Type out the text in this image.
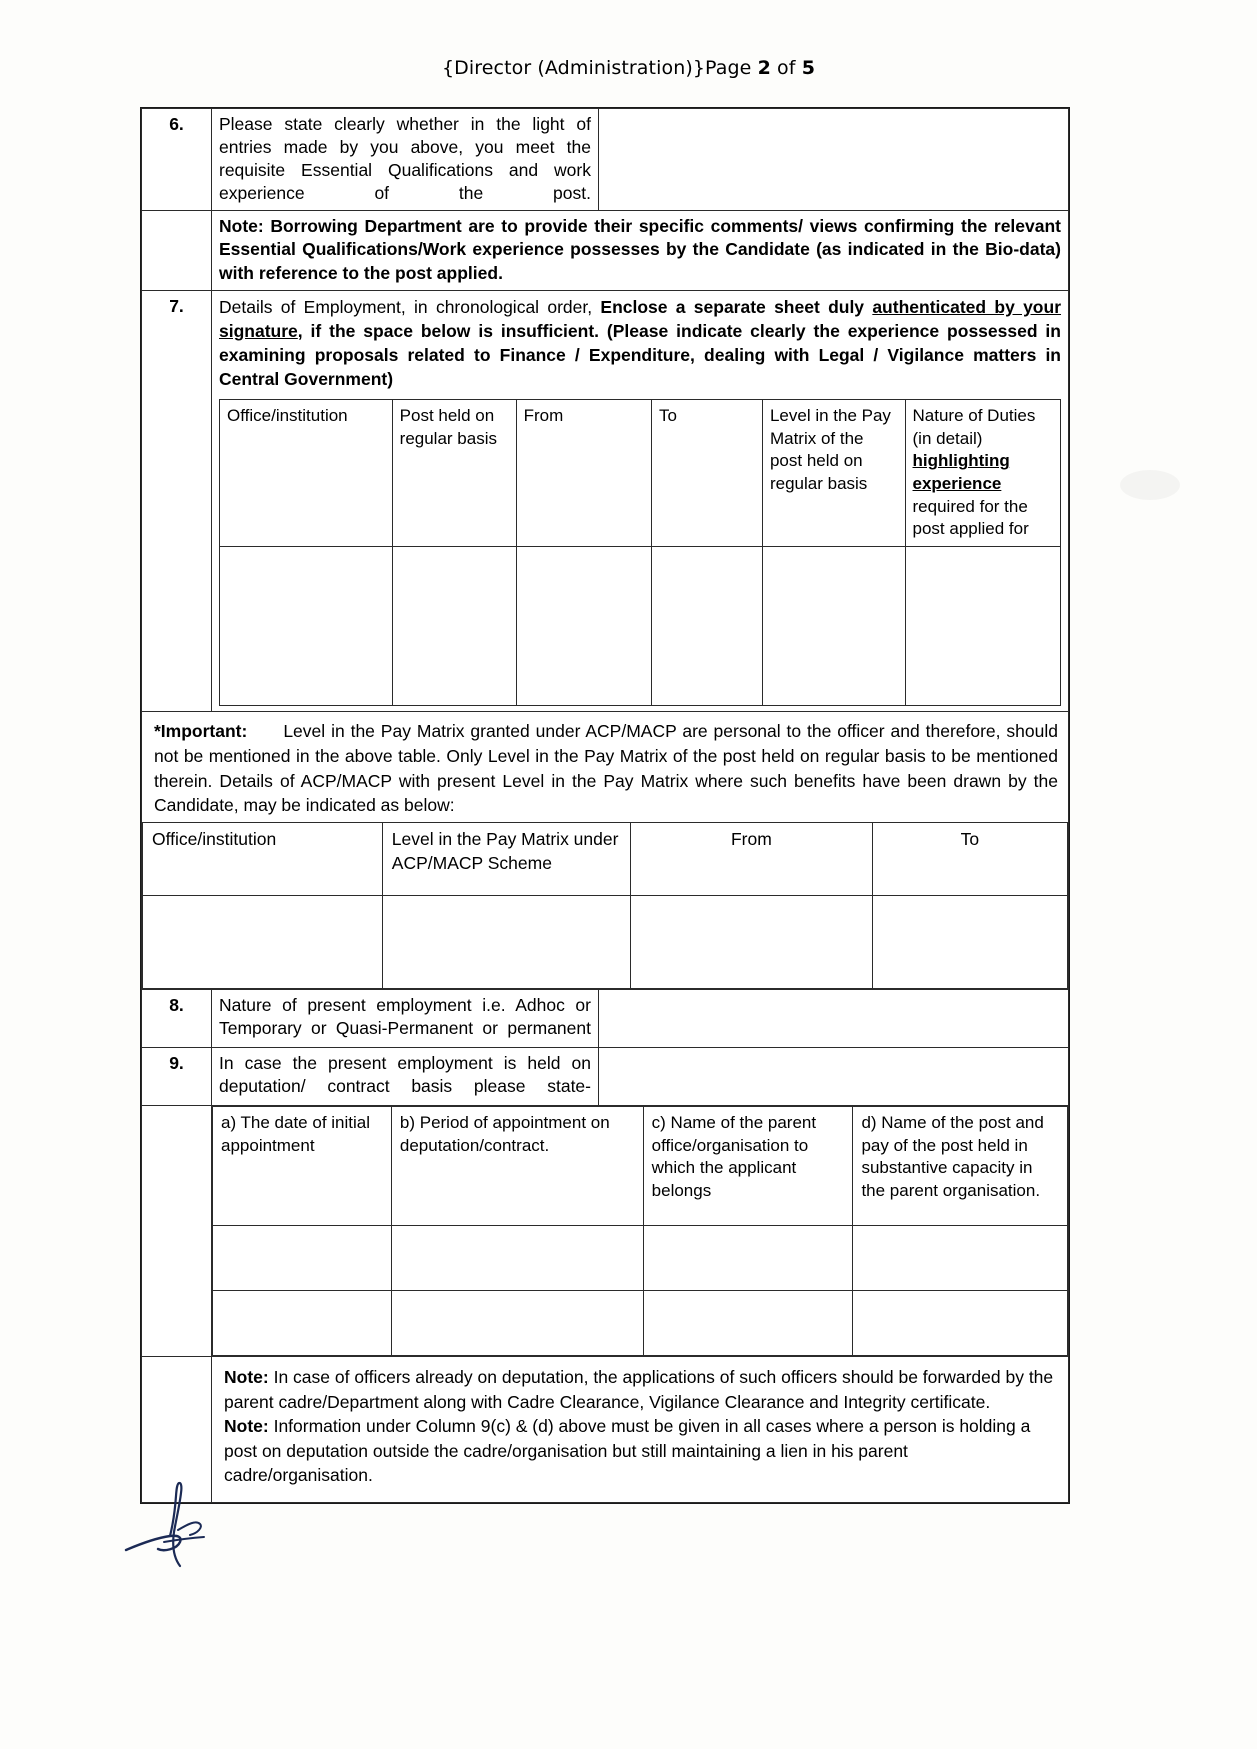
{Director (Administration)}Page 2 of 5
6.	Please state clearly whether in the light of entries made by you above, you meet the requisite Essential Qualifications and work experience of the post.	
	Note: Borrowing Department are to provide their specific comments/ views confirming the relevant Essential Qualifications/Work experience possesses by the Candidate (as indicated in the Bio-data) with reference to the post applied.
7.	Details of Employment, in chronological order, Enclose a separate sheet duly authenticated by your signature, if the space below is insufficient. (Please indicate clearly the experience possessed in examining proposals related to Finance / Expenditure, dealing with Legal / Vigilance matters in Central Government)
Office/institution	Post held on regular basis	From	To	Level in the Pay Matrix of the post held on regular basis	Nature of Duties (in detail) highlighting experience required for the post applied for

*Important: Level in the Pay Matrix granted under ACP/MACP are personal to the officer and therefore, should not be mentioned in the above table. Only Level in the Pay Matrix of the post held on regular basis to be mentioned therein. Details of ACP/MACP with present Level in the Pay Matrix where such benefits have been drawn by the Candidate, may be indicated as below:
Office/institution	Level in the Pay Matrix under ACP/MACP Scheme	From	To

8.	Nature of present employment i.e. Adhoc or Temporary or Quasi-Permanent or permanent	
9.	In case the present employment is held on deputation/ contract basis please state-	

a) The date of initial appointment	b) Period of appointment on deputation/contract.	c) Name of the parent office/organisation to which the applicant belongs	d) Name of the post and pay of the post held in substantive capacity in the parent organisation.

Note: In case of officers already on deputation, the applications of such officers should be forwarded by the parent cadre/Department along with Cadre Clearance, Vigilance Clearance and Integrity certificate.

Note: Information under Column 9(c) & (d) above must be given in all cases where a person is holding a post on deputation outside the cadre/organisation but still maintaining a lien in his parent cadre/organisation.
